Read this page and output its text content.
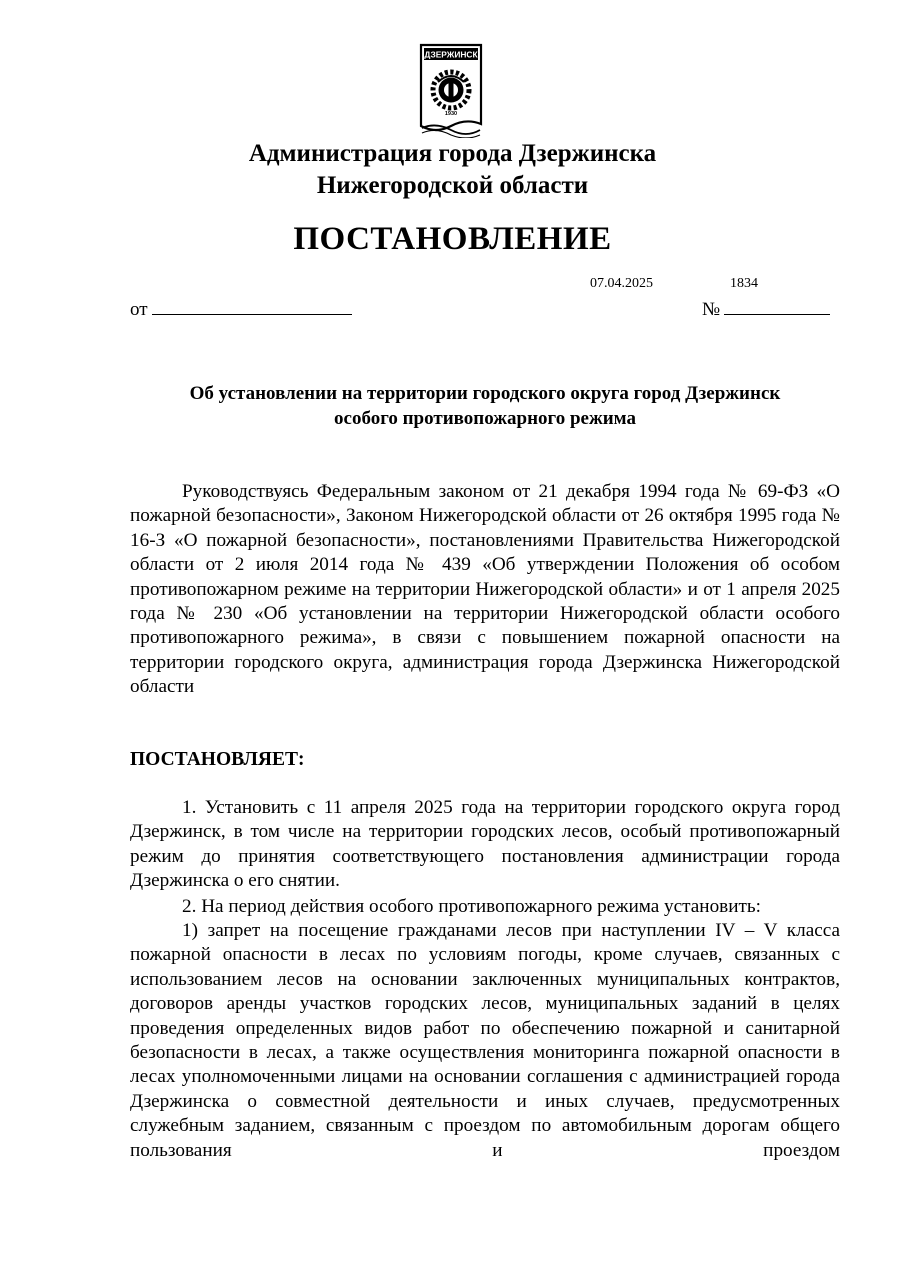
ДЗЕРЖИНСК
1930
Администрация города Дзержинска
Нижегородской области
ПОСТАНОВЛЕНИЕ
07.04.2025	1834
от	№
Об установлении на территории городского округа город Дзержинск
особого противопожарного режима
Руководствуясь Федеральным законом от 21 декабря 1994 года № 69-ФЗ «О пожарной безопасности», Законом Нижегородской области от 26 октября 1995 года № 16-З «О пожарной безопасности», постановлениями Правительства Нижегородской области от 2 июля 2014 года № 439 «Об утверждении Положения об особом противопожарном режиме на территории Нижегородской области» и от 1 апреля 2025 года № 230 «Об установлении на территории Нижегородской области особого противопожарного режима», в связи с повышением пожарной опасности на территории городского округа, администрация города Дзержинска Нижегородской области
ПОСТАНОВЛЯЕТ:
1. Установить с 11 апреля 2025 года на территории городского округа город Дзержинск, в том числе на территории городских лесов, особый противопожарный режим до принятия соответствующего постановления администрации города Дзержинска о его снятии.
2. На период действия особого противопожарного режима установить:
1) запрет на посещение гражданами лесов при наступлении IV – V класса пожарной опасности в лесах по условиям погоды, кроме случаев, связанных с использованием лесов на основании заключенных муниципальных контрактов, договоров аренды участков городских лесов, муниципальных заданий в целях проведения определенных видов работ по обеспечению пожарной и санитарной безопасности в лесах, а также осуществления мониторинга пожарной опасности в лесах уполномоченными лицами на основании соглашения с администрацией города Дзержинска о совместной деятельности и иных случаев, предусмотренных служебным заданием, связанным с проездом по автомобильным дорогам общего пользования и проездом
